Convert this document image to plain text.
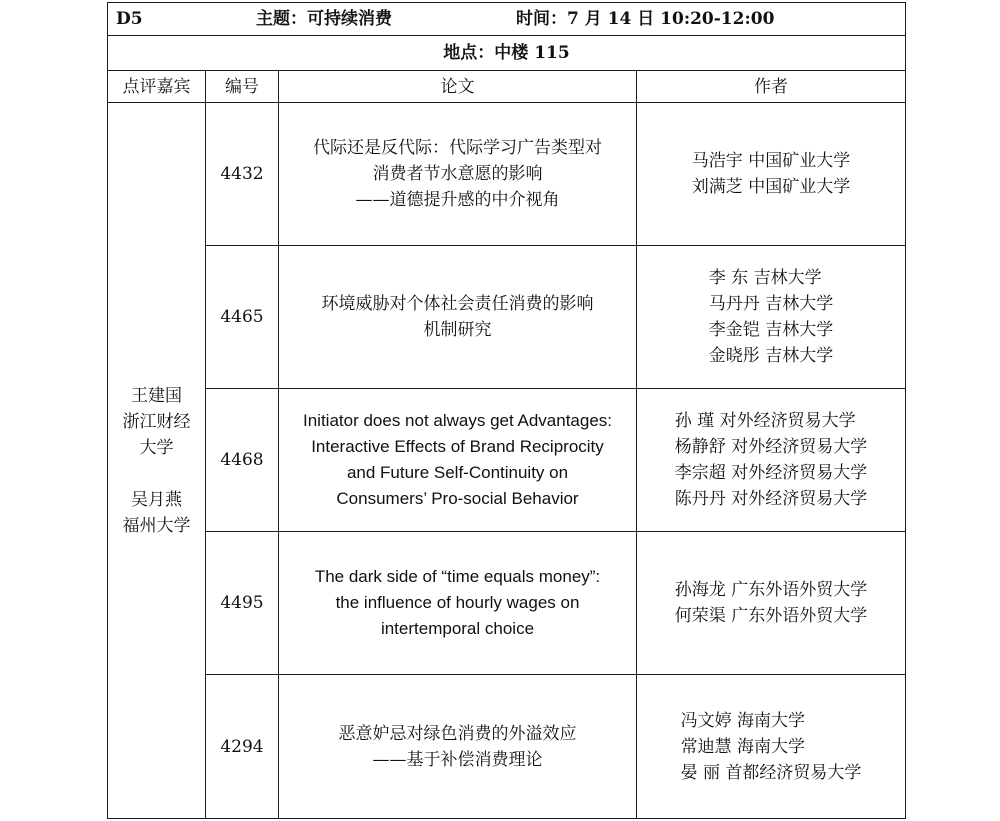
D5 主题：可持续消费 时间：7 月 14 日 10:20-12:00			

地点：中楼 115			
点评嘉宾	编号	论文	作者

王建国
浙江财经
大学
吴月燕
福州大学	4432	代际还是反代际：代际学习广告类型对
消费者节水意愿的影响
——道德提升感的中介视角	马浩宇 中国矿业大学
刘满芝 中国矿业大学

	4465	环境威胁对个体社会责任消费的影响
机制研究	李 东 吉林大学
马丹丹 吉林大学
李金铠 吉林大学
金晓彤 吉林大学

	4468	Initiator does not always get Advantages:
Interactive Effects of Brand Reciprocity
and Future Self-Continuity on
Consumers’ Pro-social Behavior	孙 瑾 对外经济贸易大学
杨静舒 对外经济贸易大学
李宗超 对外经济贸易大学
陈丹丹 对外经济贸易大学

	4495	The dark side of “time equals money”:
the influence of hourly wages on
intertemporal choice	孙海龙 广东外语外贸大学
何荣渠 广东外语外贸大学

	4294	恶意妒忌对绿色消费的外溢效应
——基于补偿消费理论	冯文婷 海南大学
常迪慧 海南大学
晏 丽 首都经济贸易大学
